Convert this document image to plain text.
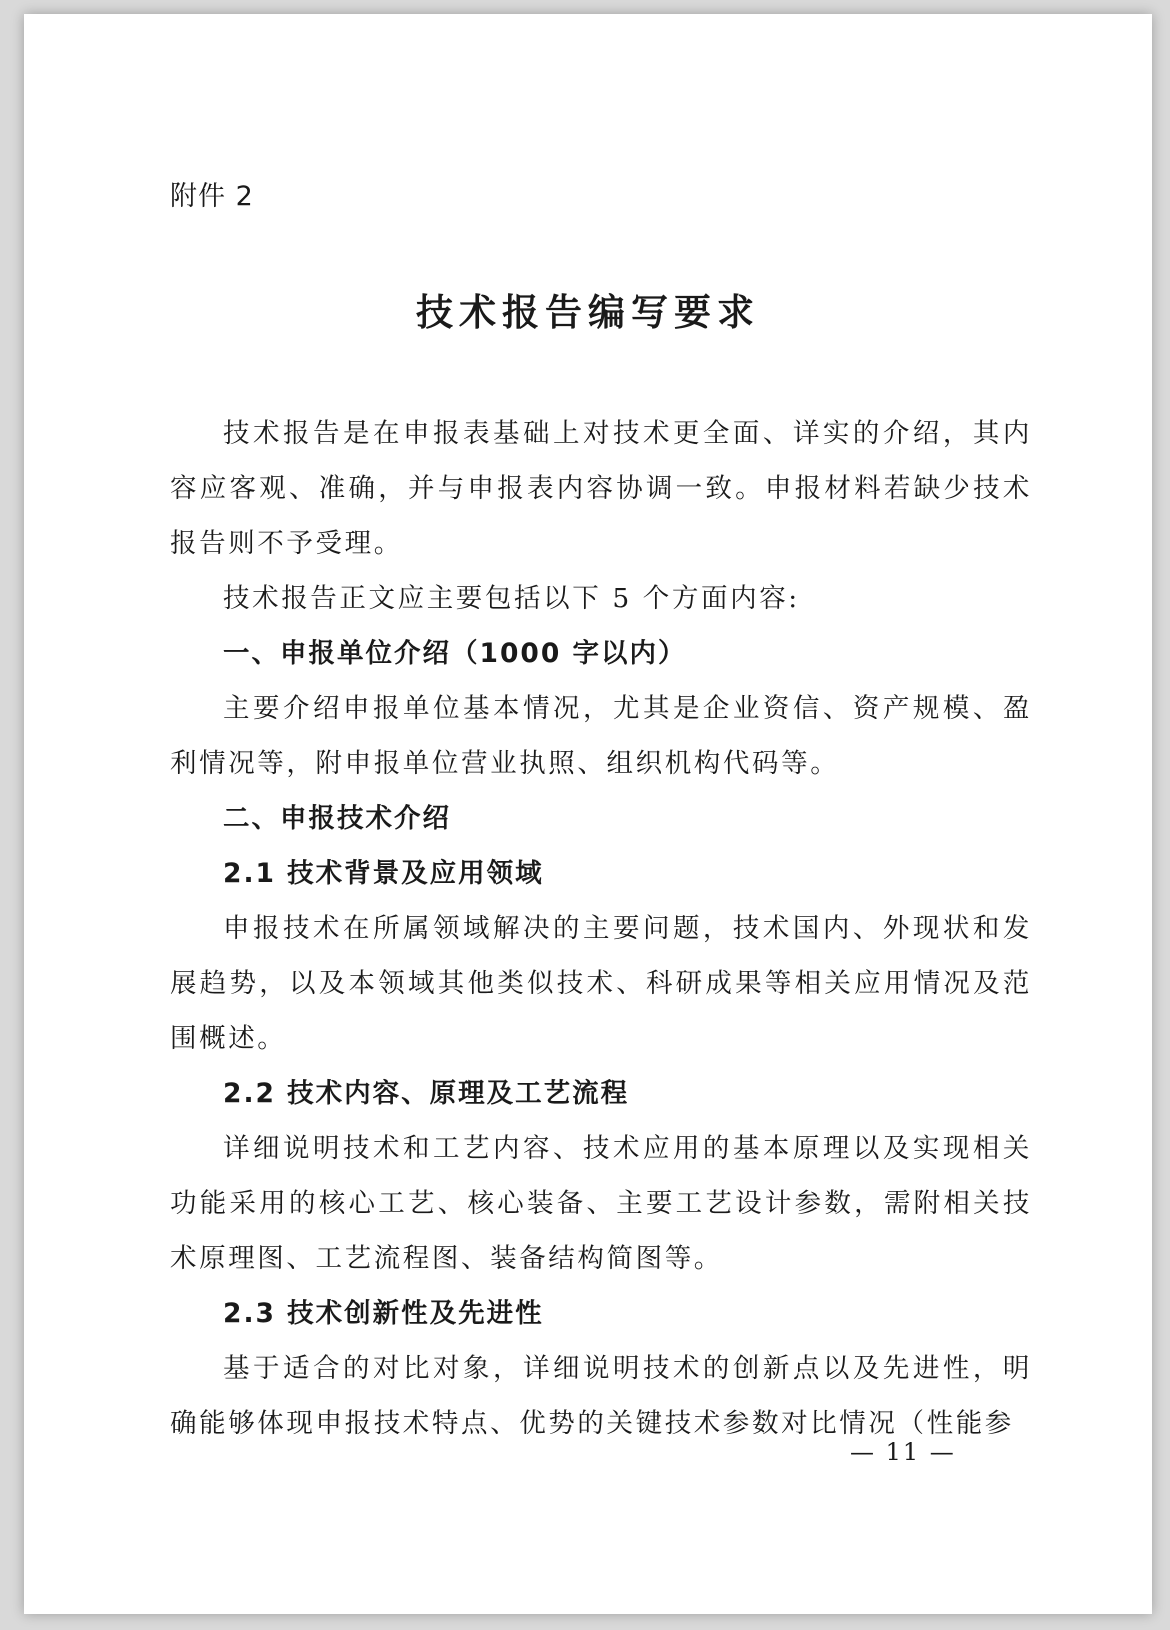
附件 2
技术报告编写要求

技术报告是在申报表基础上对技术更全面、详实的介绍，其内容应客观、准确，并与申报表内容协调一致。申报材料若缺少技术报告则不予受理。

技术报告正文应主要包括以下 5 个方面内容:

一、申报单位介绍（1000 字以内）

主要介绍申报单位基本情况，尤其是企业资信、资产规模、盈利情况等，附申报单位营业执照、组织机构代码等。

二、申报技术介绍

2.1 技术背景及应用领域

申报技术在所属领域解决的主要问题，技术国内、外现状和发展趋势，以及本领域其他类似技术、科研成果等相关应用情况及范围概述。

2.2 技术内容、原理及工艺流程

详细说明技术和工艺内容、技术应用的基本原理以及实现相关功能采用的核心工艺、核心装备、主要工艺设计参数，需附相关技术原理图、工艺流程图、装备结构简图等。

2.3 技术创新性及先进性

基于适合的对比对象，详细说明技术的创新点以及先进性，明确能够体现申报技术特点、优势的关键技术参数对比情况（性能参

— 11 —
